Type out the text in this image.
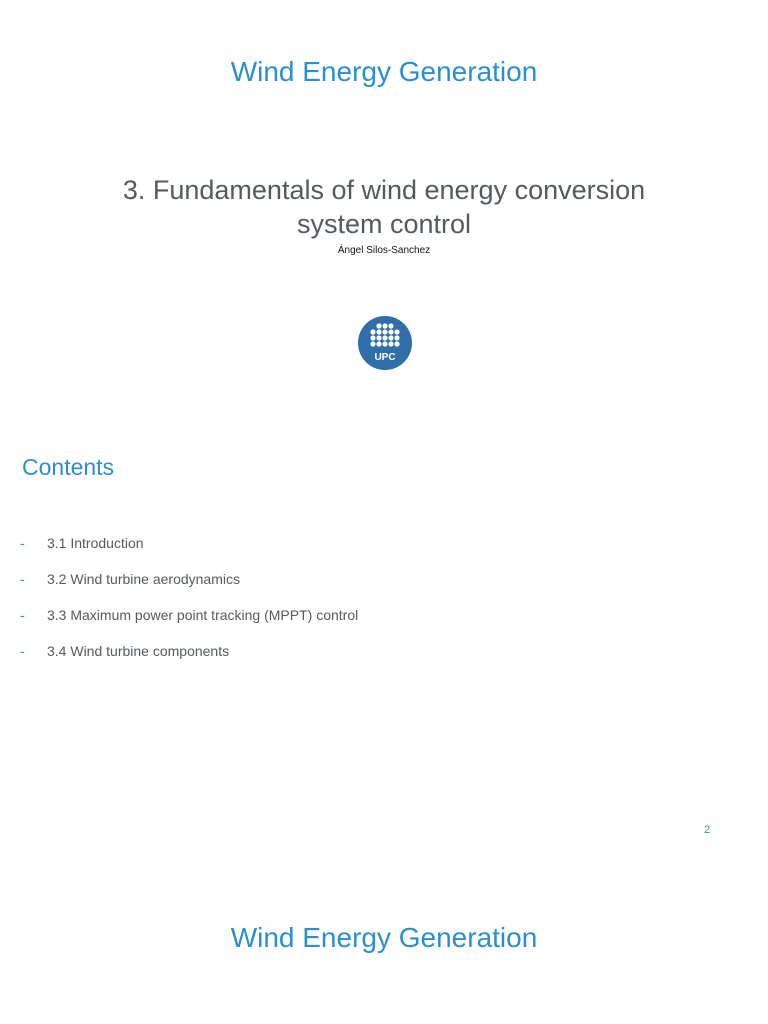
Wind Energy Generation
3. Fundamentals of wind energy conversion system control
Ángel Silos-Sanchez
UPC
Contents
-	3.1 Introduction
-	3.2 Wind turbine aerodynamics
-	3.3 Maximum power point tracking (MPPT) control
-	3.4 Wind turbine components
2
Wind Energy Generation
